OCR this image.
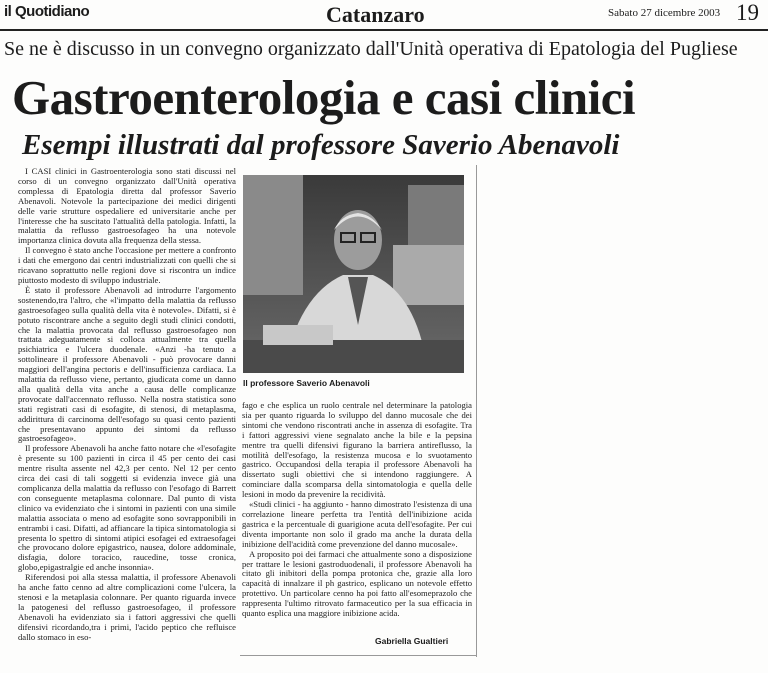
il Quotidiano	Catanzaro	Sabato 27 dicembre 2003 19
Se ne è discusso in un convegno organizzato dall'Unità operativa di Epatologia del Pugliese
Gastroenterologia e casi clinici
Esempi illustrati dal professore Saverio Abenavoli

I CASI clinici in Gastroenterologia sono stati discussi nel corso di un convegno organizzato dall'Unità operativa complessa di Epatologia diretta dal professor Saverio Abenavoli. Notevole la partecipazione dei medici dirigenti delle varie strutture ospedaliere ed universitarie anche per l'interesse che ha suscitato l'attualità della patologia. Infatti, la malattia da reflusso gastroesofageo ha una notevole importanza clinica dovuta alla frequenza della stessa.

Il convegno è stato anche l'occasione per mettere a confronto i dati che emergono dai centri industrializzati con quelli che si ricavano soprattutto nelle regioni dove si riscontra un indice piuttosto modesto di sviluppo industriale.

È stato il professore Abenavoli ad introdurre l'argomento sostenendo,tra l'altro, che «l'impatto della malattia da reflusso gastroesofageo sulla qualità della vita è notevole». Difatti, si è potuto riscontrare anche a seguito degli studi clinici condotti, che la malattia provocata dal reflusso gastroesofageo non trattata adeguatamente si colloca attualmente tra quella psichiatrica e l'ulcera duodenale. «Anzi -ha tenuto a sottolineare il professore Abenavoli - può provocare danni maggiori dell'angina pectoris e dell'insufficienza cardiaca. La malattia da reflusso viene, pertanto, giudicata come un danno alla qualità della vita anche a causa delle complicanze provocate dall'accennato reflusso. Nella nostra statistica sono stati registrati casi di esofagite, di stenosi, di metaplasma, addirittura di carcinoma dell'esofago su quasi cento pazienti che presentavano appunto dei sintomi da reflusso gastroesofageo».

Il professore Abenavoli ha anche fatto notare che «l'esofagite è presente su 100 pazienti in circa il 45 per cento dei casi mentre risulta assente nel 42,3 per cento. Nel 12 per cento circa dei casi di tali soggetti si evidenzia invece già una complicanza della malattia da reflusso con l'esofago di Barrett con conseguente metaplasma colonnare. Dal punto di vista clinico va evidenziato che i sintomi in pazienti con una simile malattia associata o meno ad esofagite sono sovrapponibili in entrambi i casi. Difatti, ad affiancare la tipica sintomatologia si presenta lo spettro di sintomi atipici esofagei ed extraesofagei che provocano dolore epigastrico, nausea, dolore addominale, disfagia, dolore toracico, raucedine, tosse cronica, globo,epigastralgie ed anche insonnia».

Riferendosi poi alla stessa malattia, il professore Abenavoli ha anche fatto cenno ad altre complicazioni come l'ulcera, la stenosi e la metaplasia colonnare. Per quanto riguarda invece la patogenesi del reflusso gastroesofageo, il professore Abenavoli ha evidenziato sia i fattori aggressivi che quelli difensivi ricordando,tra i primi, l'acido peptico che refluisce dallo stomaco in eso-

Il professore Saverio Abenavoli

fago e che esplica un ruolo centrale nel determinare la patologia sia per quanto riguarda lo sviluppo del danno mucosale che dei sintomi che vendono riscontrati anche in assenza di esofagite. Tra i fattori aggressivi viene segnalato anche la bile e la pepsina mentre tra quelli difensivi figurano la barriera antireflusso, la motilità dell'esofago, la resistenza mucosa e lo svuotamento gastrico. Occupandosi della terapia il professore Abenavoli ha dissertato sugli obiettivi che si intendono raggiungere. A cominciare dalla scomparsa della sintomatologia e quella delle lesioni in modo da prevenire la recidività.

«Studi clinici - ha aggiunto - hanno dimostrato l'esistenza di una correlazione lineare perfetta tra l'entità dell'inibizione acida gastrica e la percentuale di guarigione acuta dell'esofagite. Per cui diventa importante non solo il grado ma anche la durata della inibizione dell'acidità come prevenzione del danno mucosale».

A proposito poi dei farmaci che attualmente sono a disposizione per trattare le lesioni gastroduodenali, il professore Abenavoli ha citato gli inibitori della pompa protonica che, grazie alla loro capacità di innalzare il ph gastrico, esplicano un notevole effetto protettivo. Un particolare cenno ha poi fatto all'esomeprazolo che rappresenta l'ultimo ritrovato farmaceutico per la sua efficacia in quanto esplica una maggiore inibizione acida.

Gabriella Gualtieri
